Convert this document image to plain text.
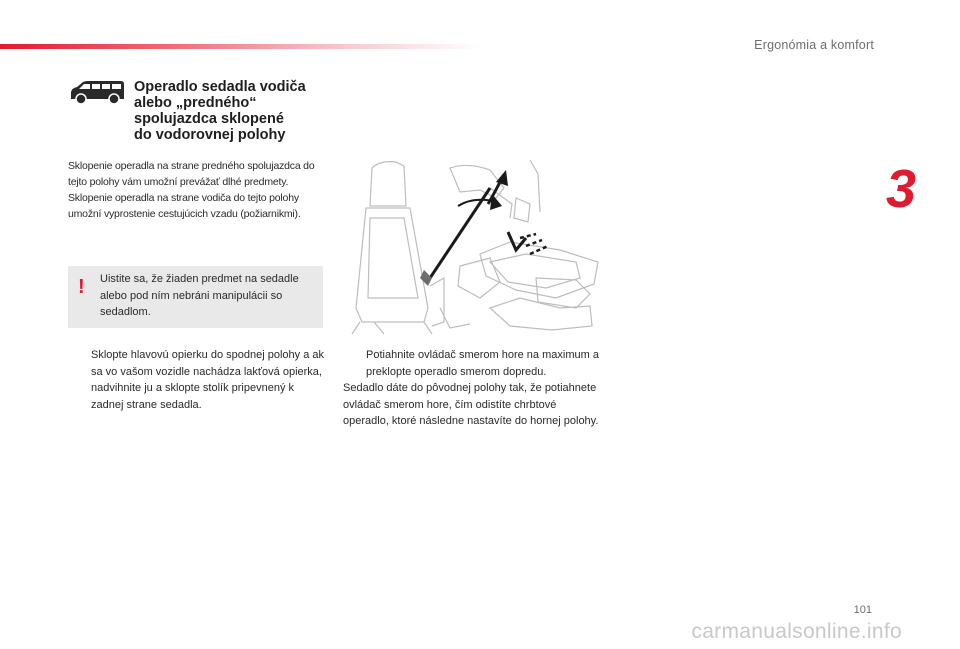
Ergonómia a komfort
3
Operadlo sedadla vodiča
alebo „predného“
spolujazdca sklopené
do vodorovnej polohy
Sklopenie operadla na strane predného spolujazdca do tejto polohy vám umožní prevážať dlhé predmety. Sklopenie operadla na strane vodiča do tejto polohy umožní vyprostenie cestujúcich vzadu (požiarnikmi).
! Uistite sa, že žiaden predmet na sedadle alebo pod ním nebráni manipulácii so sedadlom.
Sklopte hlavovú opierku do spodnej polohy a ak sa vo vašom vozidle nachádza lakťová opierka, nadvihnite ju a sklopte stolík pripevnený k zadnej strane sedadla.
Potiahnite ovládač smerom hore na maximum a preklopte operadlo smerom dopredu.
Sedadlo dáte do pôvodnej polohy tak, že potiahnete ovládač smerom hore, čím odistíte chrbtové operadlo, ktoré následne nastavíte do hornej polohy.
101
carmanualsonline.info
